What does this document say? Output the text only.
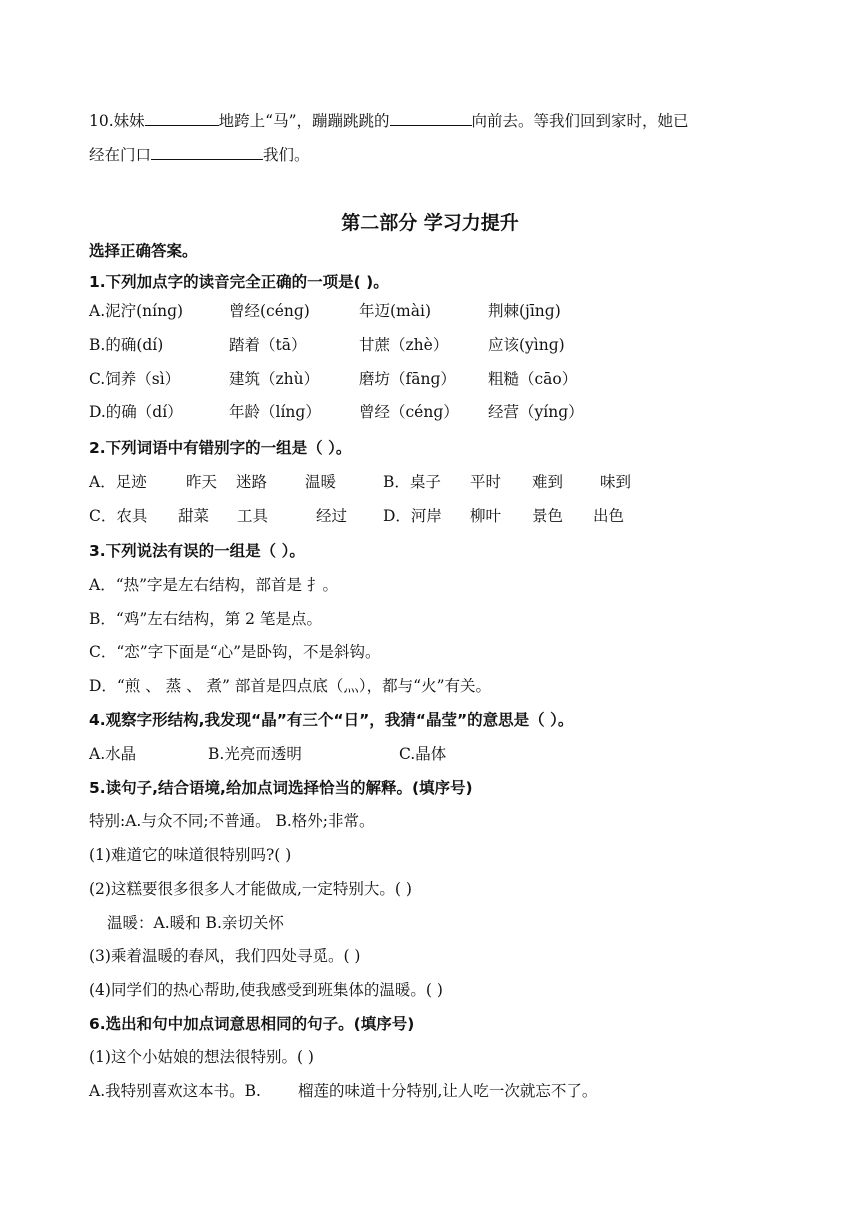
10.妹妹	地跨上“马”，蹦蹦跳跳的	向前去。等我们回到家时，她已
经在门口	我们。
第二部分 学习力提升
选择正确答案。
1.下列加点字的读音完全正确的一项是( )。
A.泥泞(nínɡ)	曾经(cénɡ)	年迈(mài)	荆棘(jīnɡ)
B.的确(dí)	踏着（tā）	甘蔗（zhè）	应该(yìnɡ)
C.饲养（sì）	建筑（zhù）	磨坊（fānɡ） 粗糙（cāo）
D.的确（dí）	年龄（línɡ） 曾经（cénɡ） 经营（yínɡ）
2.下列词语中有错别字的一组是（ ）。
A．足迹	昨天 迷路 温暖	B．桌子 平时 难到 味到
C．农具 甜菜 工具	经过 D．河岸 柳叶 景色 出色
3.下列说法有误的一组是（ ）。
A．“热”字是左右结构，部首是 扌。
B．“鸡”左右结构，第 2 笔是点。
C．“恋”字下面是“心”是卧钩，不是斜钩。
D．“煎 、 蒸 、 煮” 部首是四点底（灬），都与“火”有关。
4.观察字形结构,我发现“晶”有三个“日”，我猜“晶莹”的意思是（ ）。
A.水晶	B.光亮而透明	C.晶体
5.读句子,结合语境,给加点词选择恰当的解释。(填序号)
特别:A.与众不同;不普通。 B.格外;非常。
(1)难道它的味道很特别吗?( )
(2)这糕要很多很多人才能做成,一定特别大。( )
温暖：A.暖和 B.亲切关怀
(3)乘着温暖的春风，我们四处寻觅。( )
(4)同学们的热心帮助,使我感受到班集体的温暖。( )
6.选出和句中加点词意思相同的句子。(填序号)
(1)这个小姑娘的想法很特别。( )
A.我特别喜欢这本书。B. 榴莲的味道十分特别,让人吃一次就忘不了。
